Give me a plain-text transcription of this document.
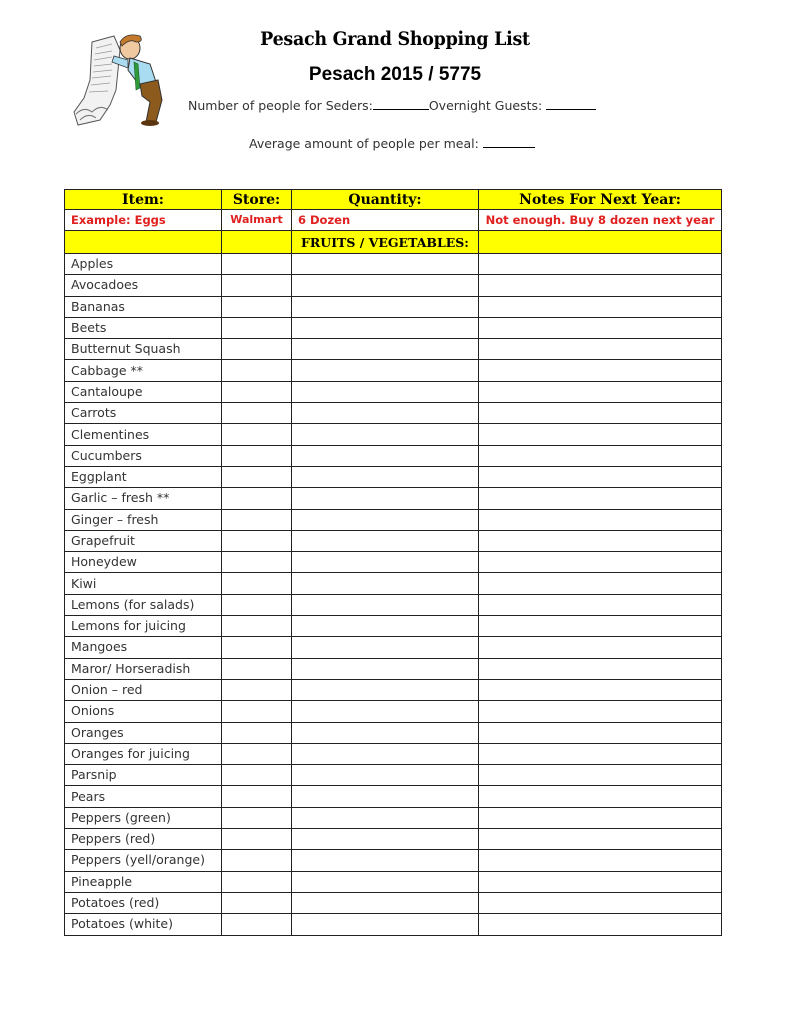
Pesach Grand Shopping List
Pesach 2015 / 5775
Number of people for Seders:	Overnight Guests:
Average amount of people per meal:
Item:	Store:	Quantity:	Notes For Next Year:
Example: Eggs	Walmart	6 Dozen	Not enough. Buy 8 dozen next year
		FRUITS / VEGETABLES:	
Apples			
Avocadoes			
Bananas			
Beets			
Butternut Squash			
Cabbage **			
Cantaloupe			
Carrots			
Clementines			
Cucumbers			
Eggplant			
Garlic – fresh **			
Ginger – fresh			
Grapefruit			
Honeydew			
Kiwi			
Lemons (for salads)			
Lemons for juicing			
Mangoes			
Maror/ Horseradish			
Onion – red			
Onions			
Oranges			
Oranges for juicing			
Parsnip			
Pears			
Peppers (green)			
Peppers (red)			
Peppers (yell/orange)			
Pineapple			
Potatoes (red)			
Potatoes (white)			
